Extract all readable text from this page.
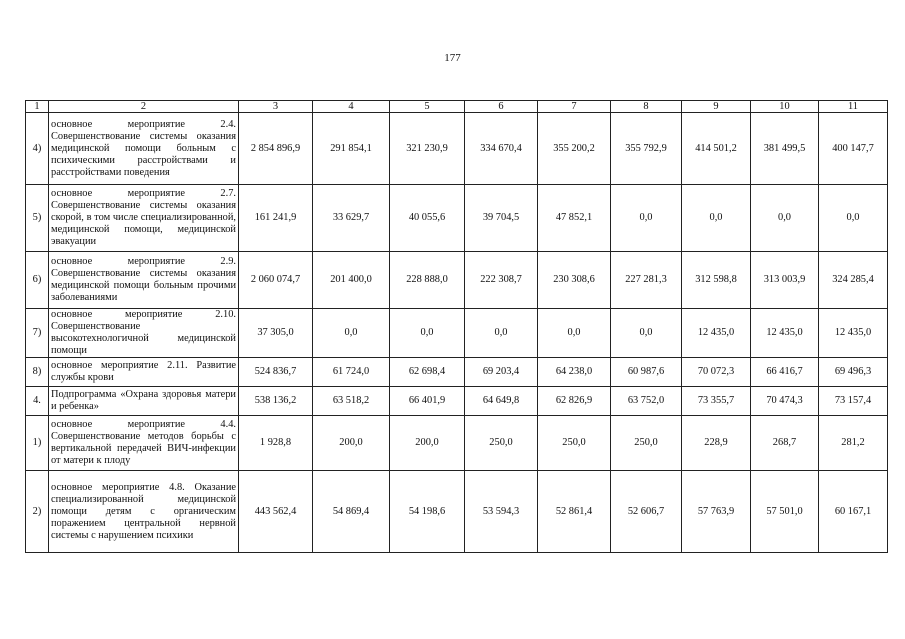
177
1	2	3	4	5	6	7	8	9	10	11
4)	основное мероприятие 2.4. Совершенствование системы оказания медицинской помощи больным с психическими расстройствами и расстройствами поведения	2 854 896,9	291 854,1	321 230,9	334 670,4	355 200,2	355 792,9	414 501,2	381 499,5	400 147,7
5)	основное мероприятие 2.7. Совершенствование системы оказания скорой, в том числе специализированной, медицинской помощи, медицинской эвакуации	161 241,9	33 629,7	40 055,6	39 704,5	47 852,1	0,0	0,0	0,0	0,0
6)	основное мероприятие 2.9. Совершенствование системы оказания медицинской помощи больным прочими заболеваниями	2 060 074,7	201 400,0	228 888,0	222 308,7	230 308,6	227 281,3	312 598,8	313 003,9	324 285,4
7)	основное мероприятие 2.10. Совершенствование высокотехнологичной медицинской помощи	37 305,0	0,0	0,0	0,0	0,0	0,0	12 435,0	12 435,0	12 435,0
8)	основное мероприятие 2.11. Развитие службы крови	524 836,7	61 724,0	62 698,4	69 203,4	64 238,0	60 987,6	70 072,3	66 416,7	69 496,3
4.	Подпрограмма «Охрана здоровья матери и ребенка»	538 136,2	63 518,2	66 401,9	64 649,8	62 826,9	63 752,0	73 355,7	70 474,3	73 157,4
1)	основное мероприятие 4.4. Совершенствование методов борьбы с вертикальной передачей ВИЧ-инфекции от матери к плоду	1 928,8	200,0	200,0	250,0	250,0	250,0	228,9	268,7	281,2
2)	основное мероприятие 4.8. Оказание специализированной медицинской помощи детям с органическим поражением центральной нервной системы с нарушением психики	443 562,4	54 869,4	54 198,6	53 594,3	52 861,4	52 606,7	57 763,9	57 501,0	60 167,1
